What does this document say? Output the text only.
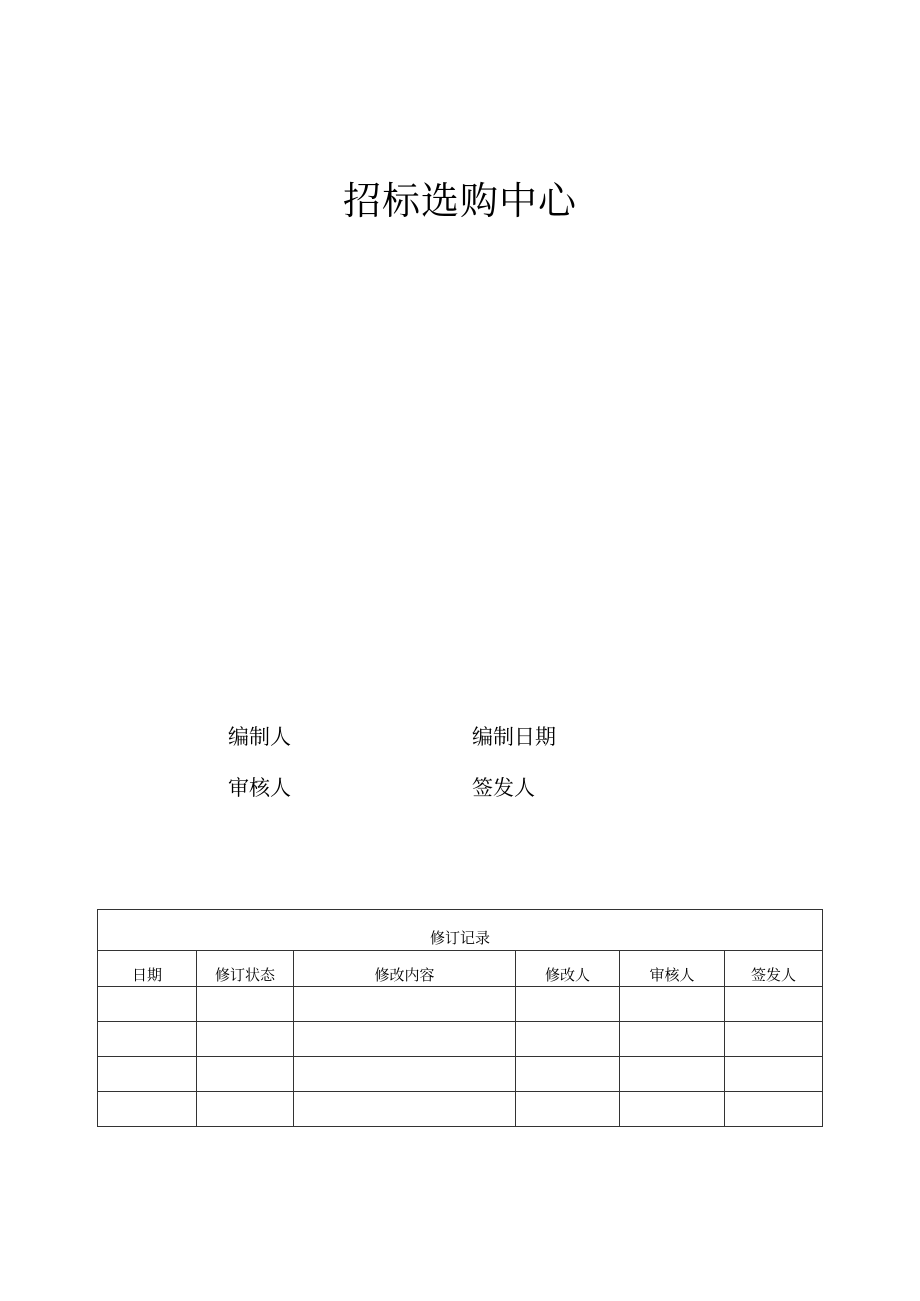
招标选购中心
编制人	编制日期
审核人	签发人
修订记录					
日期	修订状态	修改内容	修改人	审核人	签发人
